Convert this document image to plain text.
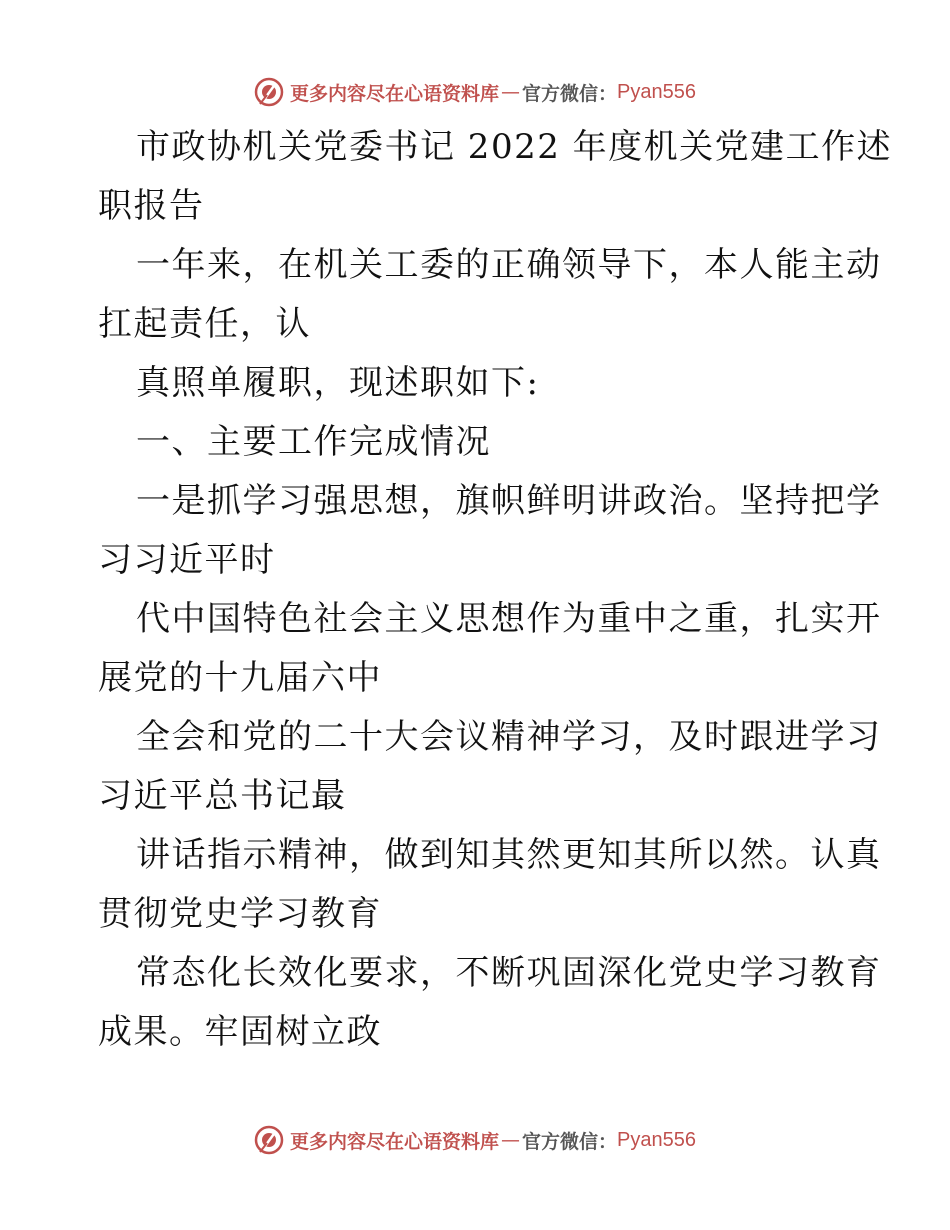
更多内容尽在心语资料库 — 官方微信： Pyan556

市政协机关党委书记 2022 年度机关党建工作述

职报告

一年来，在机关工委的正确领导下，本人能主动

扛起责任，认

真照单履职，现述职如下:

一、主要工作完成情况

一是抓学习强思想，旗帜鲜明讲政治。坚持把学

习习近平时

代中国特色社会主义思想作为重中之重，扎实开

展党的十九届六中

全会和党的二十大会议精神学习，及时跟进学习

习近平总书记最

讲话指示精神，做到知其然更知其所以然。认真

贯彻党史学习教育

常态化长效化要求，不断巩固深化党史学习教育

成果。牢固树立政

更多内容尽在心语资料库 — 官方微信： Pyan556
